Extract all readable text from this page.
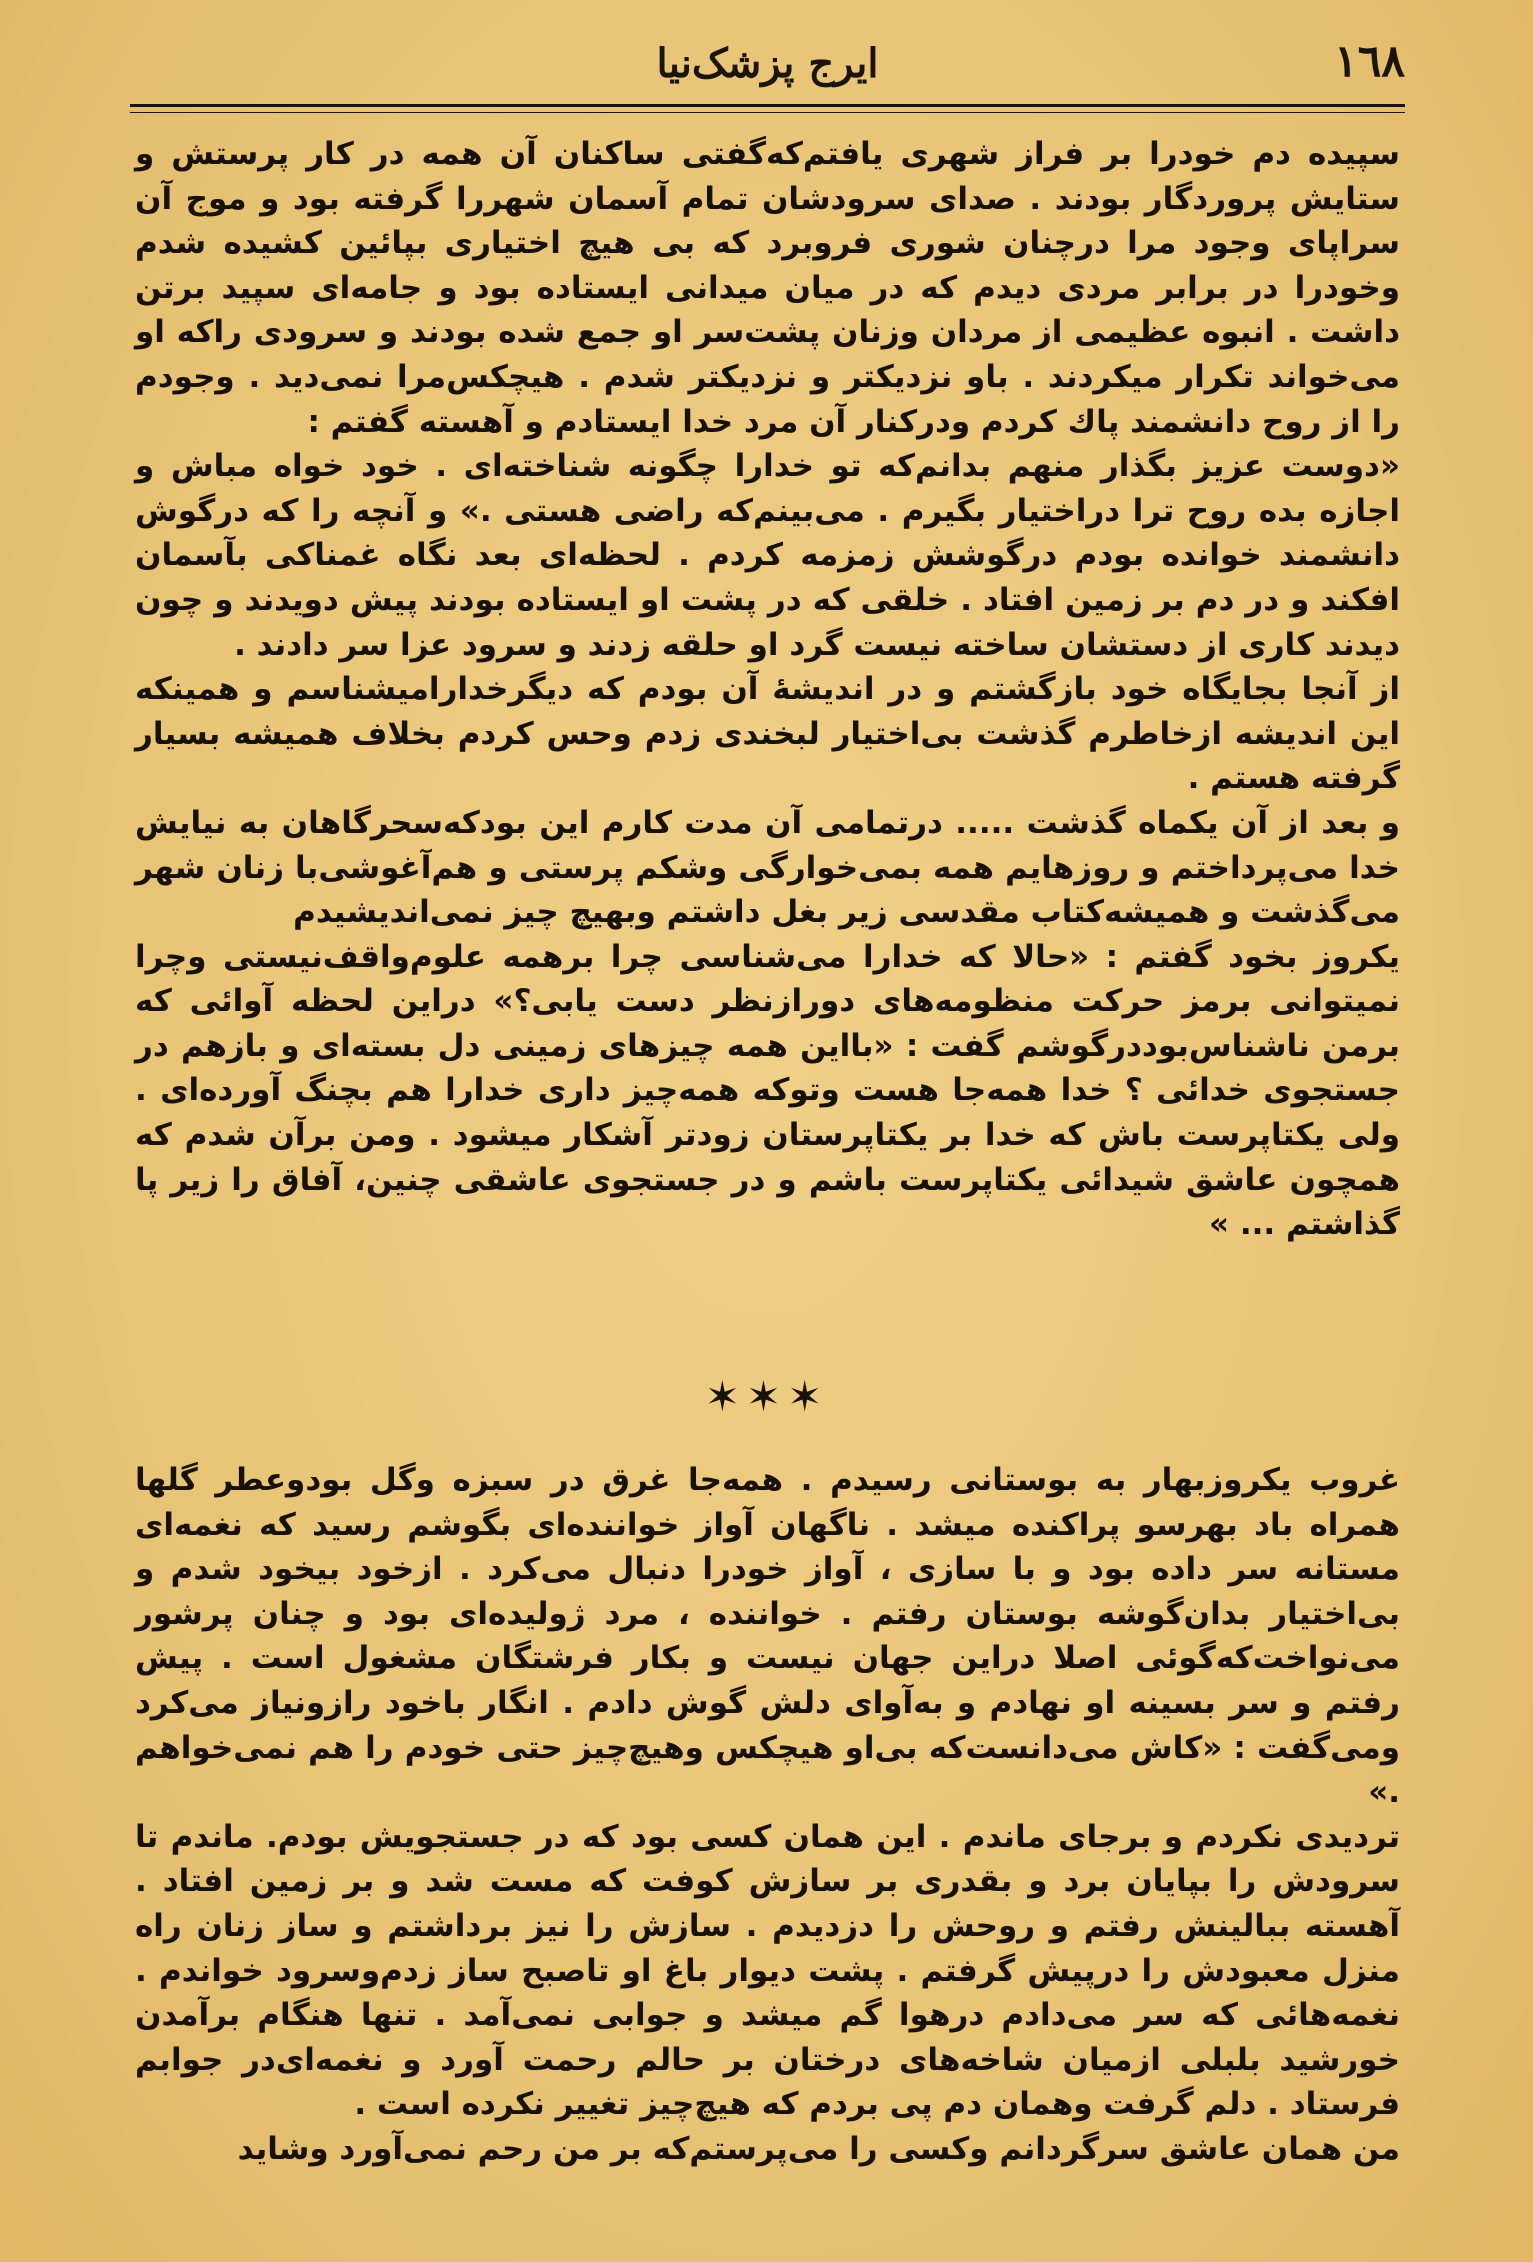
١٦٨
ایرج پزشک‌نیا

سپیده دم خودرا بر فراز شهری یافتم‌که‌گفتی ساکنان آن همه در کار پرستش و ستایش پروردگار بودند . صدای سرودشان تمام آسمان شهررا گرفته بود و موج آن سراپای وجود مرا درچنان شوری فروبرد که بی هیچ اختیاری بپائین کشیده شدم وخودرا در برابر مردی دیدم که در میان میدانی ایستاده بود و جامه‌ای سپید برتن داشت . انبوه عظیمی از مردان وزنان پشت‌سر او جمع شده بودند و سرودی راکه او می‌خواند تکرار میکردند . باو نزدیکتر و نزدیکتر شدم . هیچکس‌مرا نمی‌دید . وجودم را از روح دانشمند پاك كردم ودركنار آن مرد خدا ایستادم و آهسته گفتم :

«دوست عزیز بگذار منهم بدانم‌که تو خدارا چگونه شناخته‌ای . خود خواه مباش و اجازه بده روح ترا دراختیار بگیرم . می‌بینم‌که راضی هستی .» و آنچه را که درگوش دانشمند خوانده بودم درگوشش زمزمه کردم . لحظه‌ای بعد نگاه غمناکی بآسمان افکند و در دم بر زمین افتاد . خلقی که در پشت او ایستاده بودند پیش دویدند و چون دیدند کاری از دستشان ساخته نیست گرد او حلقه زدند و سرود عزا سر دادند .

از آنجا بجایگاه خود بازگشتم و در اندیشهٔ آن بودم که دیگرخدارامیشناسم و همینکه این اندیشه ازخاطرم گذشت بی‌اختیار لبخندی زدم وحس کردم بخلاف همیشه بسیار گرفته هستم .

و بعد از آن یکماه گذشت ..... درتمامی آن مدت کارم این بودکه‌سحرگاهان به نیایش خدا می‌پرداختم و روزهایم همه بمی‌خوارگی وشکم پرستی و هم‌آغوشی‌با زنان شهر می‌گذشت و همیشه‌کتاب مقدسی زیر بغل داشتم وبهیچ چیز نمی‌اندیشیدم

یکروز بخود گفتم : «حالا که خدارا می‌شناسی چرا برهمه علوم‌واقف‌نیستی وچرا نمیتوانی برمز حرکت منظومه‌های دورازنظر دست یابی؟» دراین لحظه آوائی که برمن ناشناس‌بوددرگوشم گفت : «بااین همه چیزهای زمینی دل بسته‌ای و بازهم در جستجوی خدائی ؟ خدا همه‌جا هست وتوکه همه‌چیز داری خدارا هم بچنگ آورده‌ای . ولی یکتاپرست باش که خدا بر یکتاپرستان زودتر آشکار میشود . ومن برآن شدم که همچون عاشق شیدائی یکتاپرست باشم و در جستجوی عاشقی چنین، آفاق را زیر پا گذاشتم ... »

✶✶✶

غروب یکروزبهار به بوستانی رسیدم . همه‌جا غرق در سبزه وگل بودوعطر گلها همراه باد بهرسو پراکنده میشد . ناگهان آواز خواننده‌ای بگوشم رسید که نغمه‌ای مستانه سر داده بود و با سازی ، آواز خودرا دنبال می‌کرد . ازخود بیخود شدم و بی‌اختیار بدان‌گوشه بوستان رفتم . خواننده ، مرد ژولیده‌ای بود و چنان پرشور می‌نواخت‌که‌گوئی اصلا دراین جهان نیست و بکار فرشتگان مشغول است . پیش رفتم و سر بسینه او نهادم و به‌آوای دلش گوش دادم . انگار باخود رازونیاز می‌کرد ومی‌گفت : «کاش می‌دانست‌که بی‌او هیچکس وهیچ‌چیز حتی خودم را هم نمی‌خواهم .»

تردیدی نکردم و برجای ماندم . این همان کسی بود که در جستجویش بودم. ماندم تا سرودش را بپایان برد و بقدری بر سازش کوفت که مست شد و بر زمین افتاد . آهسته ببالینش رفتم و روحش را دزدیدم . سازش را نیز برداشتم و ساز زنان راه منزل معبودش را درپیش گرفتم . پشت دیوار باغ او تاصبح ساز زدم‌وسرود خواندم . نغمه‌هائی که سر می‌دادم درهوا گم میشد و جوابی نمی‌آمد . تنها هنگام برآمدن خورشید بلبلی ازمیان شاخه‌های درختان بر حالم رحمت آورد و نغمه‌ای‌در جوابم فرستاد . دلم گرفت وهمان دم پی بردم که هیچ‌چیز تغییر نکرده است .

من همان عاشق سرگردانم وکسی را می‌پرستم‌که بر من رحم نمی‌آورد وشاید
